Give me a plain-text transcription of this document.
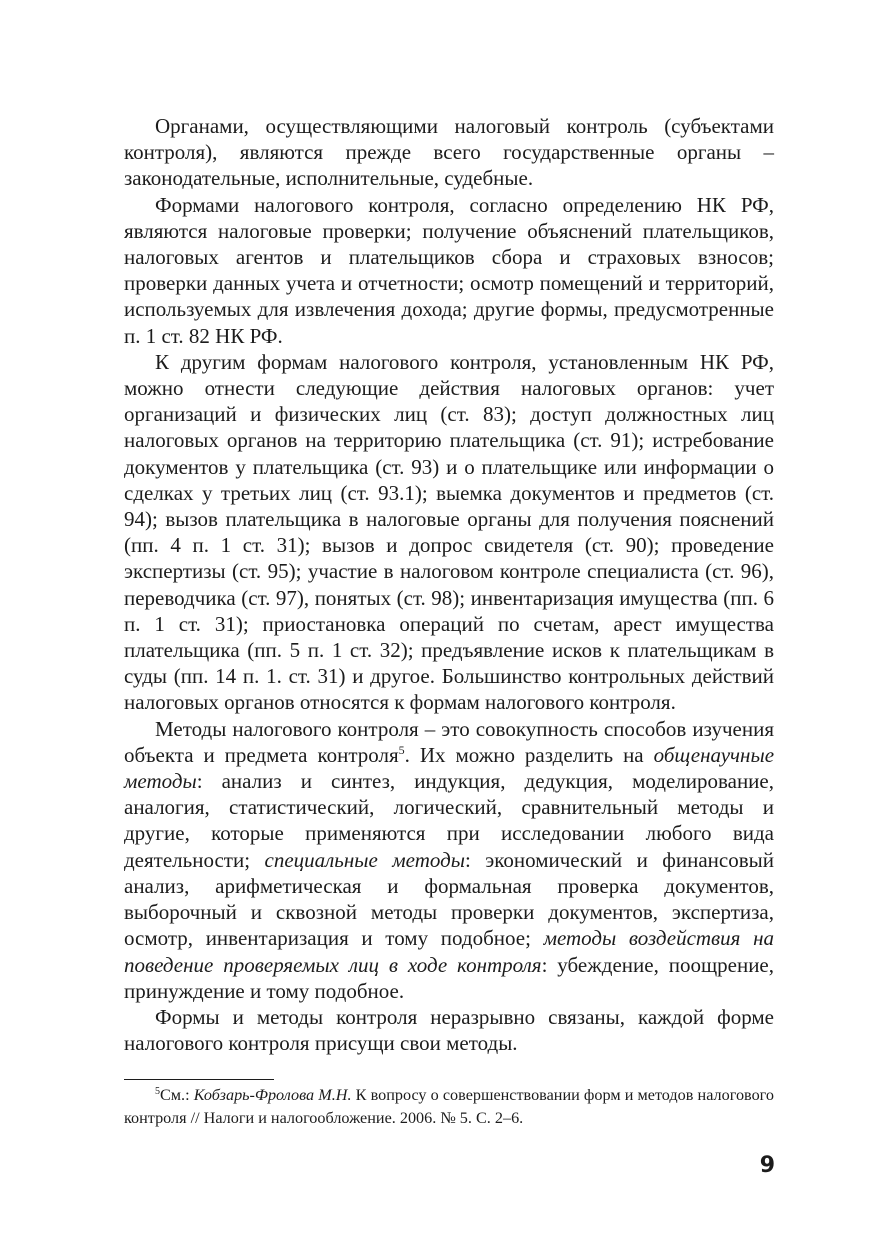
Органами, осуществляющими налоговый контроль (субъектами контроля), являются прежде всего государственные органы – законодательные, исполнительные, судебные.

Формами налогового контроля, согласно определению НК РФ, являются налоговые проверки; получение объяснений плательщиков, налоговых агентов и плательщиков сбора и страховых взносов; проверки данных учета и отчетности; осмотр помещений и территорий, используемых для извлечения дохода; другие формы, предусмотренные п. 1 ст. 82 НК РФ.

К другим формам налогового контроля, установленным НК РФ, можно отнести следующие действия налоговых органов: учет организаций и физических лиц (ст. 83); доступ должностных лиц налоговых органов на территорию плательщика (ст. 91); истребование документов у плательщика (ст. 93) и о плательщике или информации о сделках у третьих лиц (ст. 93.1); выемка документов и предметов (ст. 94); вызов плательщика в налоговые органы для получения пояснений (пп. 4 п. 1 ст. 31); вызов и допрос свидетеля (ст. 90); проведение экспертизы (ст. 95); участие в налоговом контроле специалиста (ст. 96), переводчика (ст. 97), понятых (ст. 98); инвентаризация имущества (пп. 6 п. 1 ст. 31); приостановка операций по счетам, арест имущества плательщика (пп. 5 п. 1 ст. 32); предъявление исков к плательщикам в суды (пп. 14 п. 1. ст. 31) и другое. Большинство контрольных действий налоговых органов относятся к формам налогового контроля.

Методы налогового контроля – это совокупность способов изучения объекта и предмета контроля$^5$. Их можно разделить на общенаучные методы: анализ и синтез, индукция, дедукция, моделирование, аналогия, статистический, логический, сравнительный методы и другие, которые применяются при исследовании любого вида деятельности; специальные методы: экономический и финансовый анализ, арифметическая и формальная проверка документов, выборочный и сквозной методы проверки документов, экспертиза, осмотр, инвентаризация и тому подобное; методы воздействия на поведение проверяемых лиц в ходе контроля: убеждение, поощрение, принуждение и тому подобное.

Формы и методы контроля неразрывно связаны, каждой форме налогового контроля присущи свои методы.

$^5$См.: Кобзарь-Фролова М.Н. К вопросу о совершенствовании форм и методов налогового контроля // Налоги и налогообложение. 2006. № 5. С. 2–6.
9
